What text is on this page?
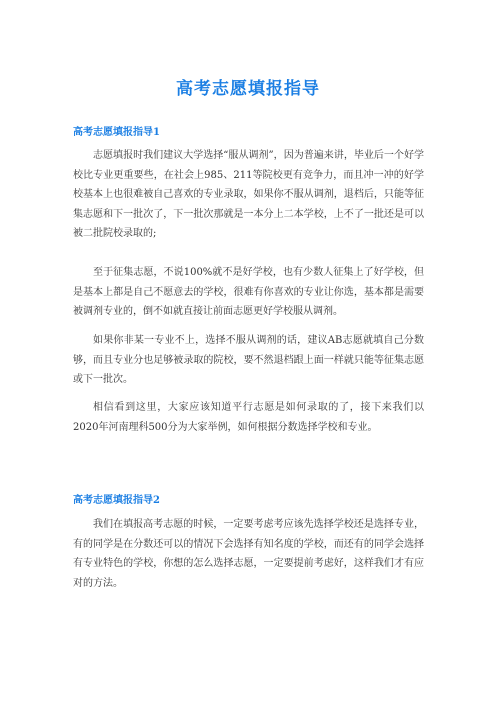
高考志愿填报指导
高考志愿填报指导1
志愿填报时我们建议大学选择“服从调剂”，因为普遍来讲，毕业后一个好学校比专业更重要些，在社会上985、211等院校更有竞争力，而且冲一冲的好学校基本上也很难被自己喜欢的专业录取，如果你不服从调剂，退档后，只能等征集志愿和下一批次了，下一批次那就是一本分上二本学校，上不了一批还是可以被二批院校录取的;
至于征集志愿，不说100%就不是好学校，也有少数人征集上了好学校，但是基本上都是自己不愿意去的学校，很难有你喜欢的专业让你选，基本都是需要被调剂专业的，倒不如就直接让前面志愿更好学校服从调剂。
如果你非某一专业不上，选择不服从调剂的话，建议AB志愿就填自己分数够，而且专业分也足够被录取的院校，要不然退档跟上面一样就只能等征集志愿或下一批次。
相信看到这里，大家应该知道平行志愿是如何录取的了，接下来我们以2020年河南理科500分为大家举例，如何根据分数选择学校和专业。
高考志愿填报指导2
我们在填报高考志愿的时候，一定要考虑考应该先选择学校还是选择专业，有的同学是在分数还可以的情况下会选择有知名度的学校，而还有的同学会选择有专业特色的学校，你想的怎么选择志愿，一定要提前考虑好，这样我们才有应对的方法。
